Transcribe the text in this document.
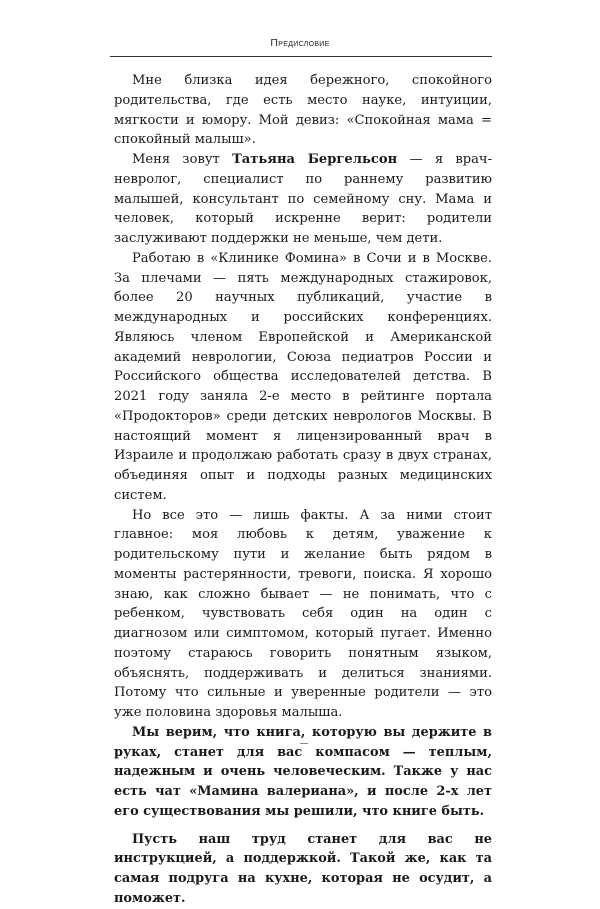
Предисловие

Мне близка идея бережного, спокойного родительства, где есть место науке, интуиции, мягкости и юмору. Мой девиз: «Спокойная мама = спокойный малыш».

Меня зовут Татьяна Бергельсон — я врач-невролог, специалист по раннему развитию малышей, консультант по семейному сну. Мама и человек, который искренне верит: родители заслуживают поддержки не меньше, чем дети.

Работаю в «Клинике Фомина» в Сочи и в Москве. За плечами — пять международных стажировок, более 20 научных публикаций, участие в международных и российских конференциях. Являюсь членом Европейской и Американской академий неврологии, Союза педиатров России и Российского общества исследователей детства. В 2021 году заняла 2-е место в рейтинге портала «Продокторов» среди детских неврологов Москвы. В настоящий момент я лицензированный врач в Израиле и продолжаю работать сразу в двух странах, объединяя опыт и подходы разных медицинских систем.

Но все это — лишь факты. А за ними стоит главное: моя любовь к детям, уважение к родительскому пути и желание быть рядом в моменты растерянности, тревоги, поиска. Я хорошо знаю, как сложно бывает — не понимать, что с ребенком, чувствовать себя один на один с диагнозом или симптомом, который пугает. Именно поэтому стараюсь говорить понятным языком, объяснять, поддерживать и делиться знаниями. Потому что сильные и уверенные родители — это уже половина здоровья малыша.

Мы верим, что книга, которую вы держите в руках, станет для вас компасом — теплым, надежным и очень человеческим. Также у нас есть чат «Мамина валериана», и после 2-х лет его существования мы решили, что книге быть.

Пусть наш труд станет для вас не инструкцией, а поддержкой. Такой же, как та самая подруга на кухне, которая не осудит, а поможет.
